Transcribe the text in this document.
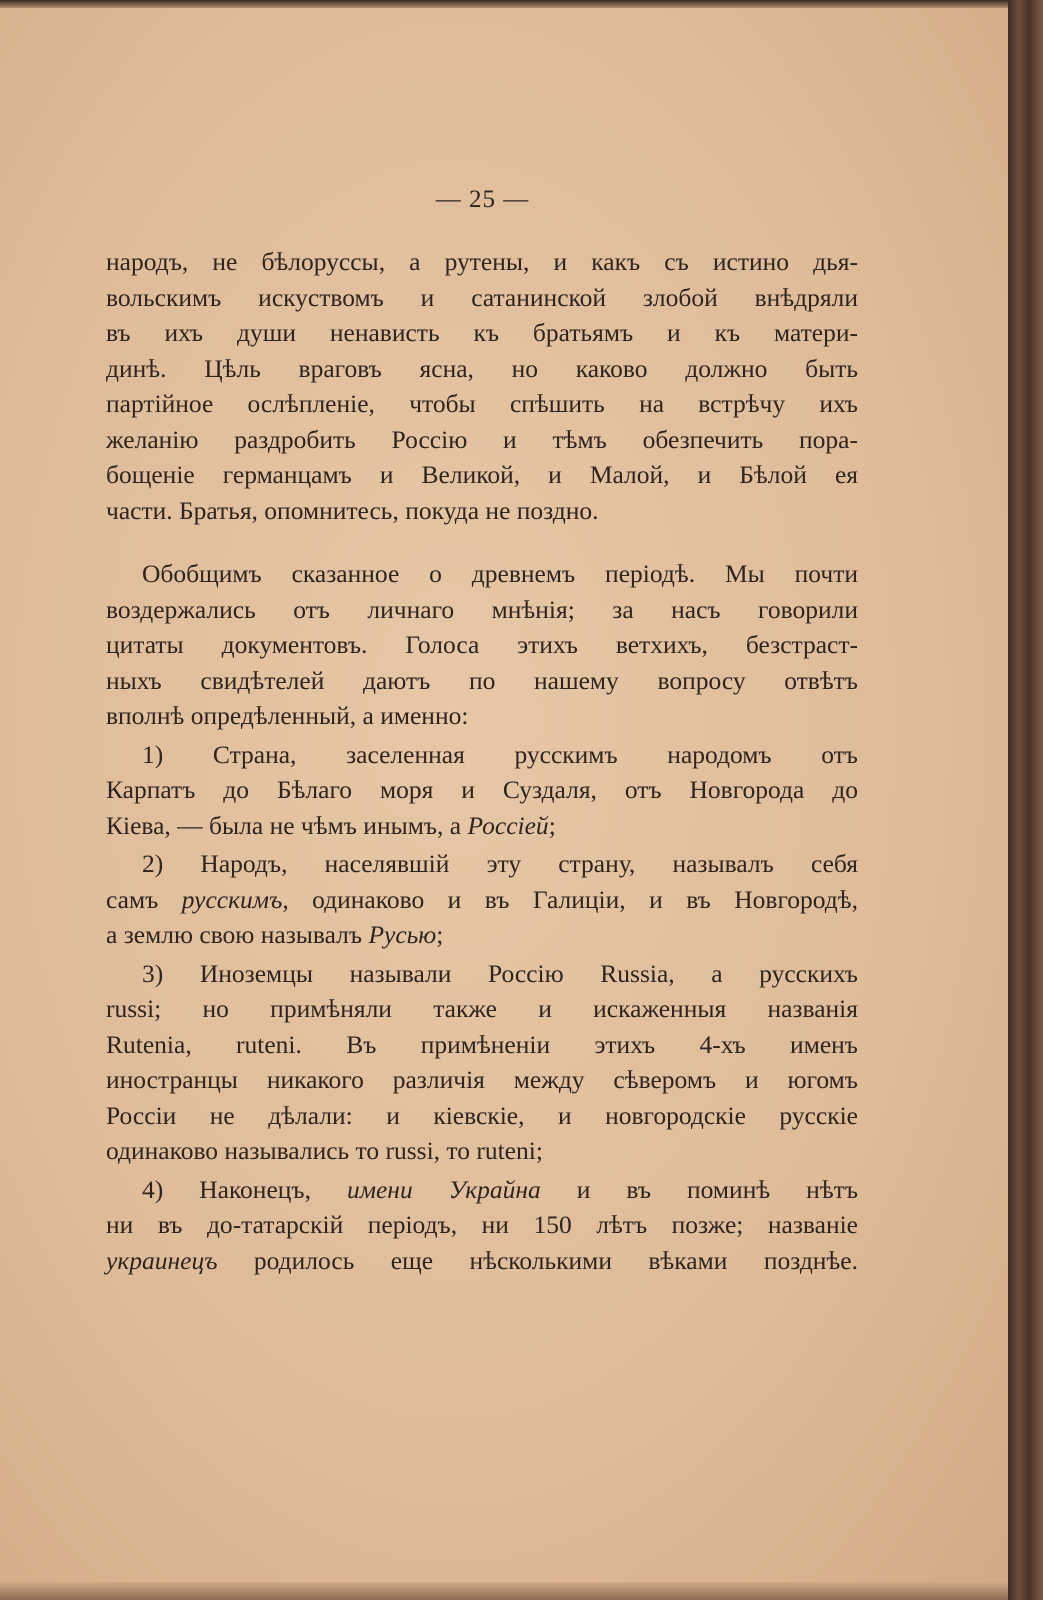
— 25 —

народъ, не бѣлоруссы, а рутены, и какъ съ истино дья-

вольскимъ искуствомъ и сатанинской злобой внѣдряли

въ ихъ души ненависть къ братьямъ и къ матери-

динѣ. Цѣль враговъ ясна, но каково должно быть

партійное ослѣпленіе, чтобы спѣшить на встрѣчу ихъ

желанію раздробить Россію и тѣмъ обезпечить пора-

бощеніе германцамъ и Великой, и Малой, и Бѣлой ея

части. Братья, опомнитесь, покуда не поздно.

Обобщимъ сказанное о древнемъ періодѣ. Мы почти

воздержались отъ личнаго мнѣнія; за насъ говорили

цитаты документовъ. Голоса этихъ ветхихъ, безстраст-

ныхъ свидѣтелей даютъ по нашему вопросу отвѣтъ

вполнѣ опредѣленный, а именно:

1) Страна, заселенная русскимъ народомъ отъ

Карпатъ до Бѣлаго моря и Суздаля, отъ Новгорода до

Кіева, — была не чѣмъ инымъ, а Россіей;

2) Народъ, населявшій эту страну, называлъ себя

самъ русскимъ, одинаково и въ Галиціи, и въ Новгородѣ,

а землю свою называлъ Русью;

3) Иноземцы называли Россію Russia, а русскихъ

russi; но примѣняли также и искаженныя названія

Rutenia, ruteni. Въ примѣненіи этихъ 4-хъ именъ

иностранцы никакого различія между сѣверомъ и югомъ

Россіи не дѣлали: и кіевскіе, и новгородскіе русскіе

одинаково назывались то russi, то ruteni;

4) Наконецъ, имени Украйна и въ поминѣ нѣтъ

ни въ до-татарскій періодъ, ни 150 лѣтъ позже; названіе

украинецъ родилось еще нѣсколькими вѣками позднѣе.
